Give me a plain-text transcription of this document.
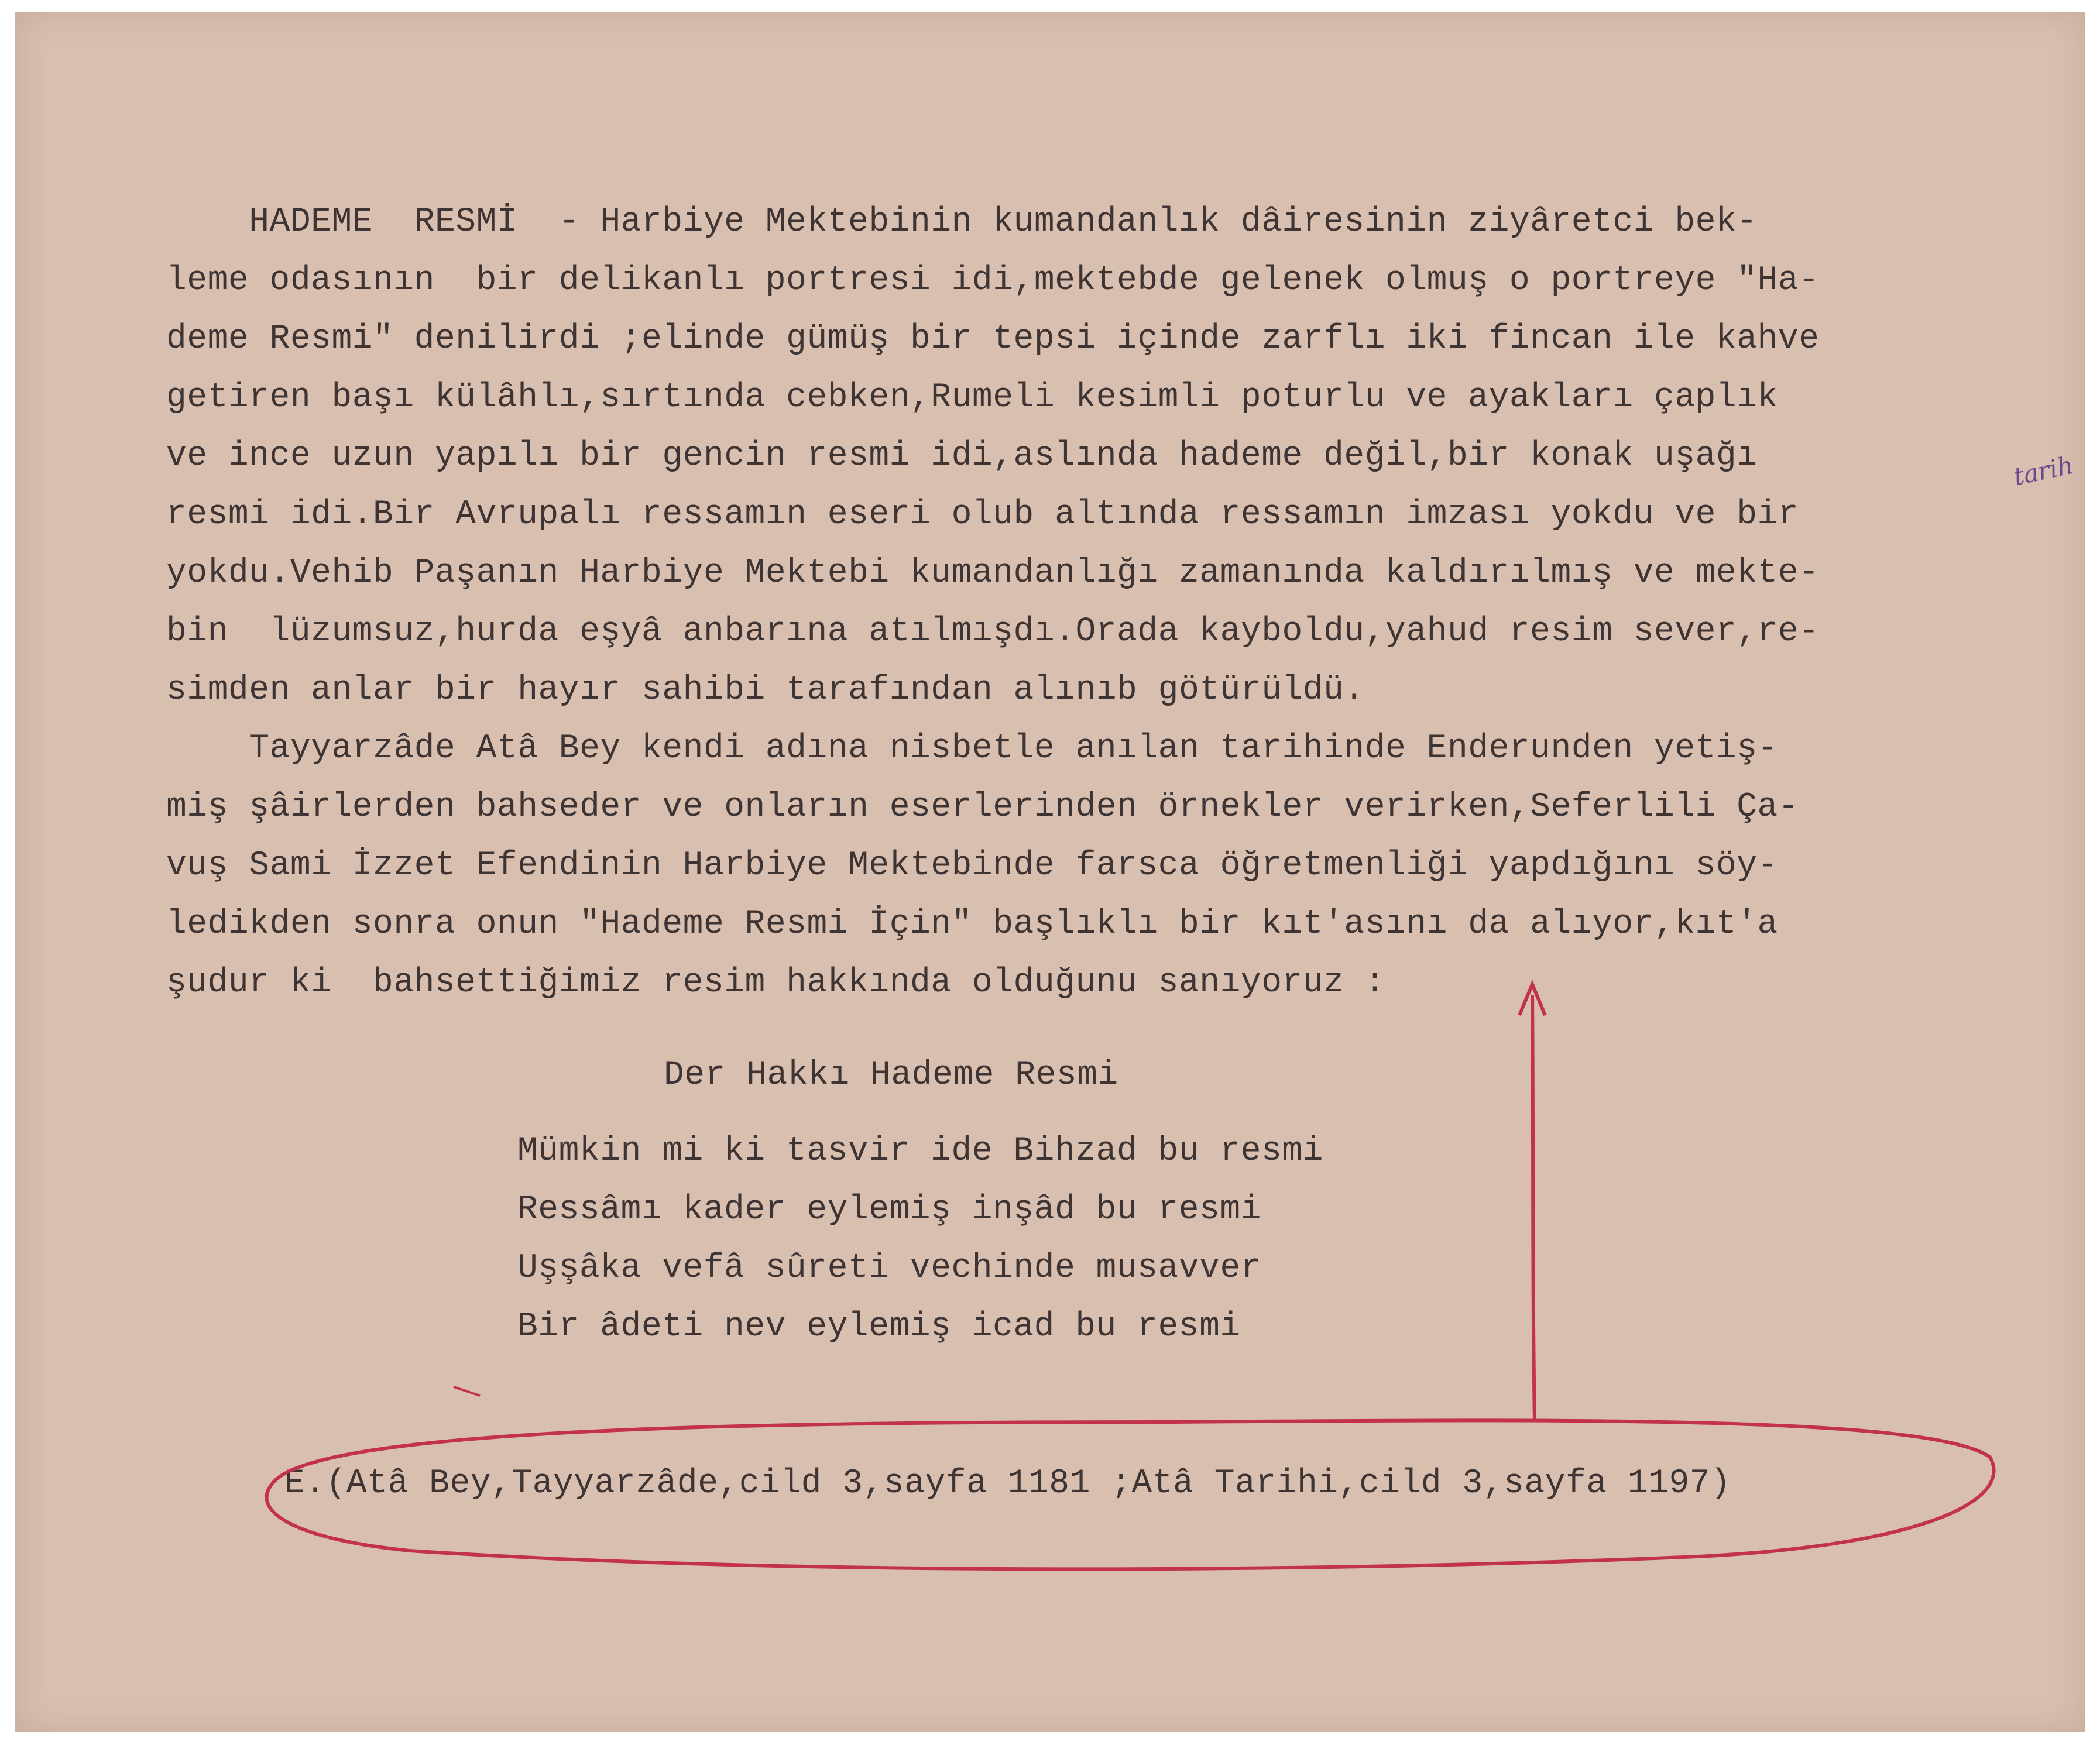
HADEME  RESMİ  - Harbiye Mektebinin kumandanlık dâiresinin ziyâretci bek-
leme odasının  bir delikanlı portresi idi,mektebde gelenek olmuş o portreye "Ha-
deme Resmi" denilirdi ;elinde gümüş bir tepsi içinde zarflı iki fincan ile kahve
getiren başı külâhlı,sırtında cebken,Rumeli kesimli poturlu ve ayakları çaplık
ve ince uzun yapılı bir gencin resmi idi,aslında hademe değil,bir konak uşağı
resmi idi.Bir Avrupalı ressamın eseri olub altında ressamın imzası yokdu ve bir
yokdu.Vehib Paşanın Harbiye Mektebi kumandanlığı zamanında kaldırılmış ve mekte-
bin  lüzumsuz,hurda eşyâ anbarına atılmışdı.Orada kayboldu,yahud resim sever,re-
simden anlar bir hayır sahibi tarafından alınıb götürüldü.
Tayyarzâde Atâ Bey kendi adına nisbetle anılan tarihinde Enderunden yetiş-
miş şâirlerden bahseder ve onların eserlerinden örnekler verirken,Seferlili Ça-
vuş Sami İzzet Efendinin Harbiye Mektebinde farsca öğretmenliği yapdığını söy-
ledikden sonra onun "Hademe Resmi İçin" başlıklı bir kıt'asını da alıyor,kıt'a
şudur ki  bahsettiğimiz resim hakkında olduğunu sanıyoruz :
tarih
Der Hakkı Hademe Resmi
Mümkin mi ki tasvir ide Bihzad bu resmi
Ressâmı kader eylemiş inşâd bu resmi
Uşşâka vefâ sûreti vechinde musavver
Bir âdeti nev eylemiş icad bu resmi
E.(Atâ Bey,Tayyarzâde,cild 3,sayfa 1181 ;Atâ Tarihi,cild 3,sayfa 1197)
